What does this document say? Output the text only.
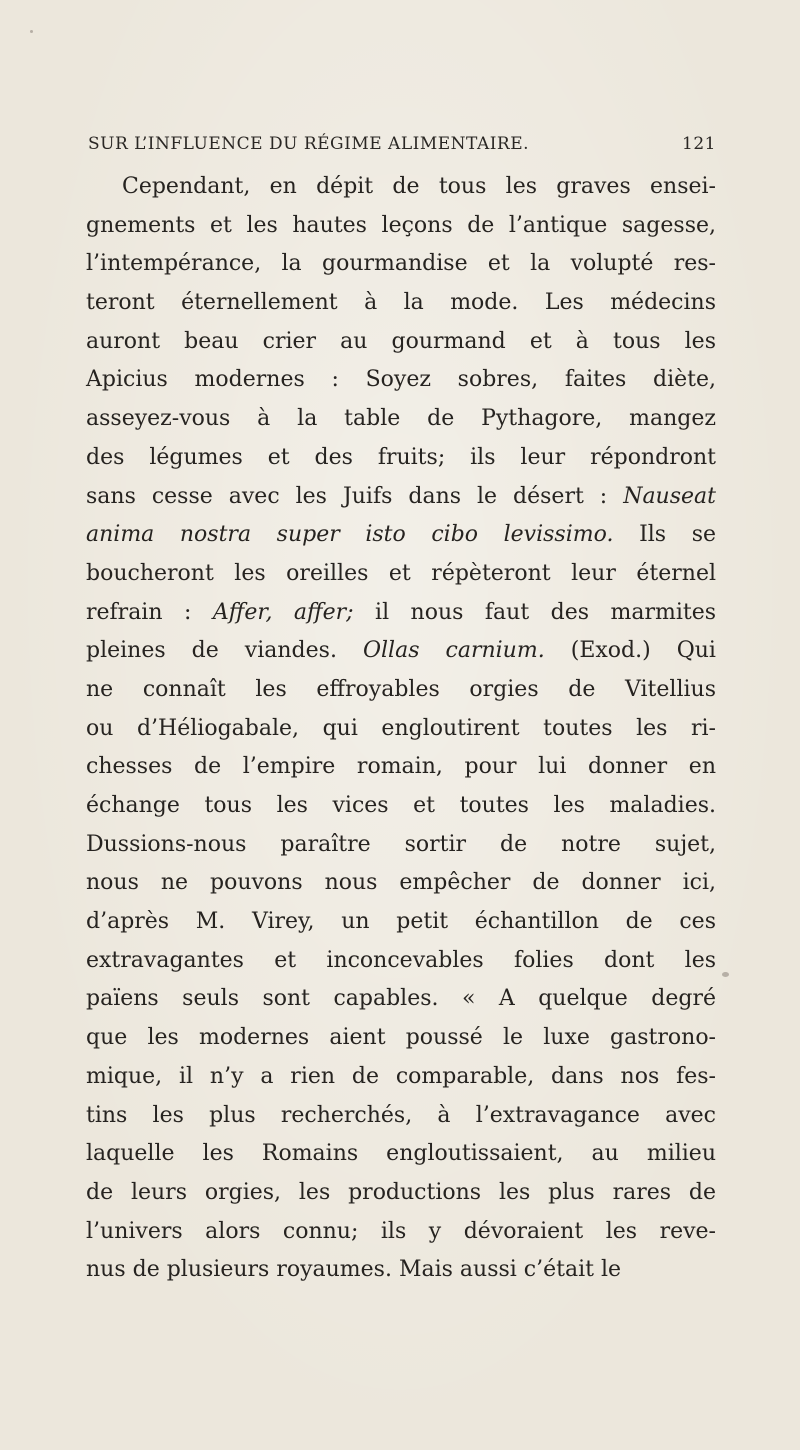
SUR L’INFLUENCE DU RÉGIME ALIMENTAIRE.	121
Cependant, en dépit de tous les graves ensei-
gnements et les hautes leçons de l’antique sagesse,
l’intempérance, la gourmandise et la volupté res-
teront éternellement à la mode. Les médecins
auront beau crier au gourmand et à tous les
Apicius modernes : Soyez sobres, faites diète,
asseyez-vous à la table de Pythagore, mangez
des légumes et des fruits; ils leur répondront
sans cesse avec les Juifs dans le désert : Nauseat
anima nostra super isto cibo levissimo. Ils se
boucheront les oreilles et répèteront leur éternel
refrain : Affer, affer; il nous faut des marmites
pleines de viandes. Ollas carnium. (Exod.) Qui
ne connaît les effroyables orgies de Vitellius
ou d’Héliogabale, qui engloutirent toutes les ri-
chesses de l’empire romain, pour lui donner en
échange tous les vices et toutes les maladies.
Dussions-nous paraître sortir de notre sujet,
nous ne pouvons nous empêcher de donner ici,
d’après M. Virey, un petit échantillon de ces
extravagantes et inconcevables folies dont les
païens seuls sont capables. « A quelque degré
que les modernes aient poussé le luxe gastrono-
mique, il n’y a rien de comparable, dans nos fes-
tins les plus recherchés, à l’extravagance avec
laquelle les Romains engloutissaient, au milieu
de leurs orgies, les productions les plus rares de
l’univers alors connu; ils y dévoraient les reve-
nus de plusieurs royaumes. Mais aussi c’était le
